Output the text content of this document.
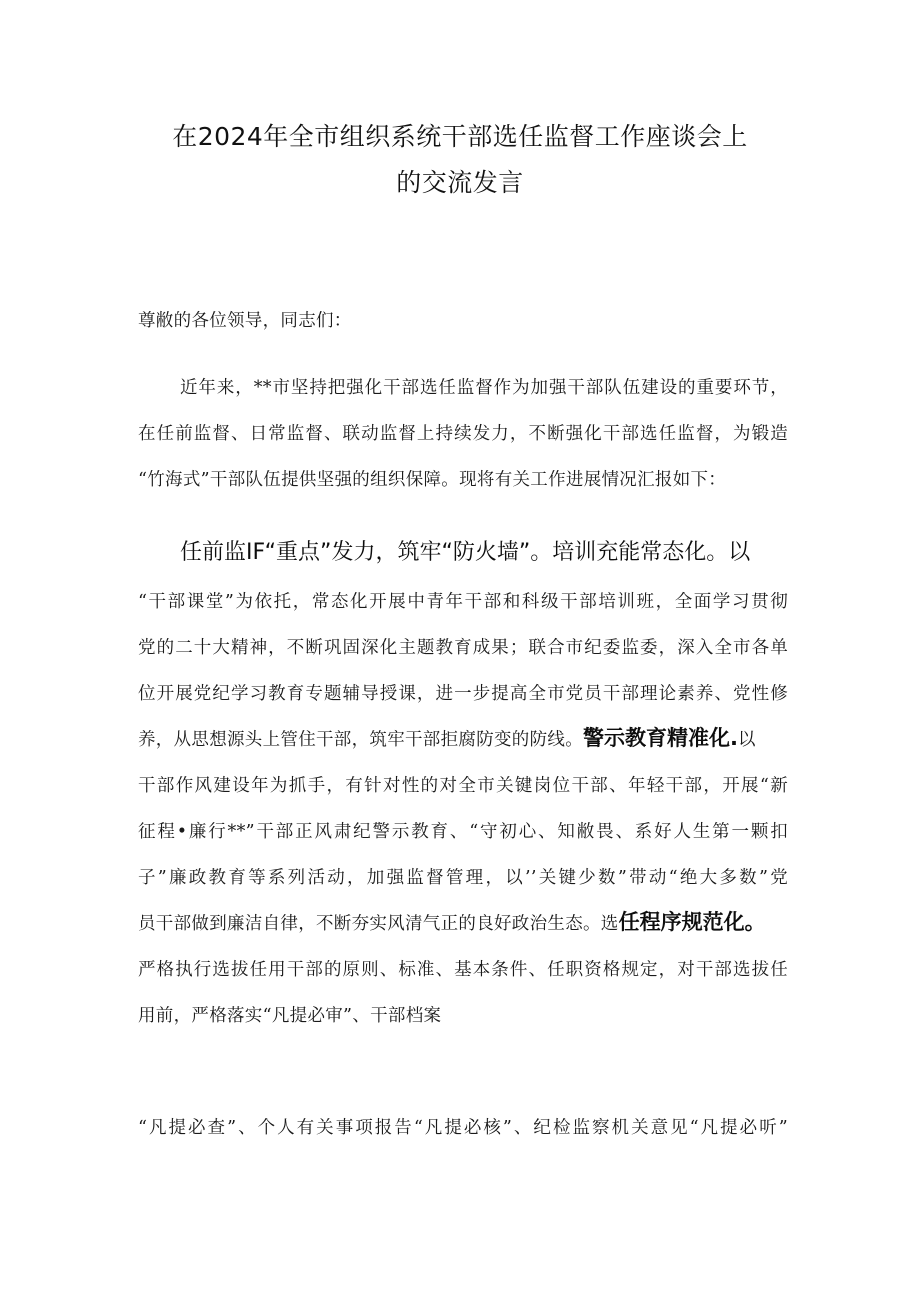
在2024年全市组织系统干部选任监督工作座谈会上
的交流发言
尊敝的各位领导，同志们：
近年来，**市坚持把强化干部选任监督作为加强干部队伍建设的重要环节，
在任前监督、日常监督、联动监督上持续发力，不断强化干部选任监督，为锻造
“竹海式”干部队伍提供坚强的组织保障。现将有关工作进展情况汇报如下：
任前监IF“重点”发力，筑牢“防火墙”。培训充能常态化。以
“干部课堂”为依托，常态化开展中青年干部和科级干部培训班，全面学习贯彻
党的二十大精神，不断巩固深化主题教育成果；联合市纪委监委，深入全市各单
位开展党纪学习教育专题辅导授课，进一步提高全市党员干部理论素养、党性修
养，从思想源头上管住干部，筑牢干部拒腐防变的防线。警示教育精准化.以
干部作风建设年为抓手，有针对性的对全市关键岗位干部、年轻干部，开展“新
征程•廉行**”干部正风肃纪警示教育、“守初心、知敝畏、系好人生第一颗扣
子”廉政教育等系列活动，加强监督管理，以’’关键少数”带动“绝大多数”党
员干部做到廉洁自律，不断夯实风清气正的良好政治生态。选任程序规范化。
严格执行选拔任用干部的原则、标准、基本条件、任职资格规定，对干部选拔任
用前，严格落实“凡提必审”、干部档案
“凡提必查”、个人有关事项报告“凡提必核”、纪检监察机关意见“凡提必听”
